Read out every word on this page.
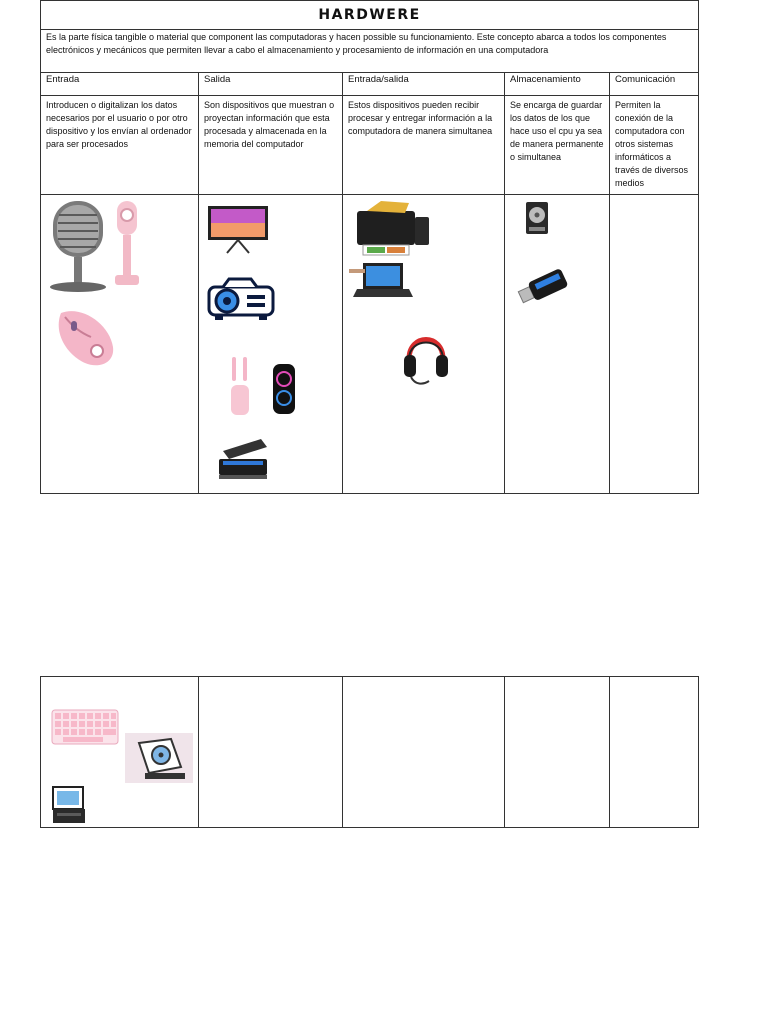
HARDWERE				
Es la parte física tangible o material que component las computadoras y hacen possible su funcionamiento. Este concepto abarca a todos los componentes electrónicos y mecánicos que permiten llevar a cabo el almacenamiento y procesamiento de información en una computadora				
Entrada	Salida	Entrada/salida	Almacenamiento	Comunicación
Introducen o digitalizan los datos necesarios por el usuario o por otro dispositivo y los envían al ordenador para ser procesados	Son dispositivos que muestran o proyectan información que esta procesada y almacenada en la memoria del computador	Estos dispositivos pueden recibir procesar y entregar información a la computadora de manera simultanea	Se encarga de guardar los datos de los que hace uso el cpu ya sea de manera permanente o simultanea	Permiten la conexión de la computadora con otros sistemas informáticos a través de diversos medios
